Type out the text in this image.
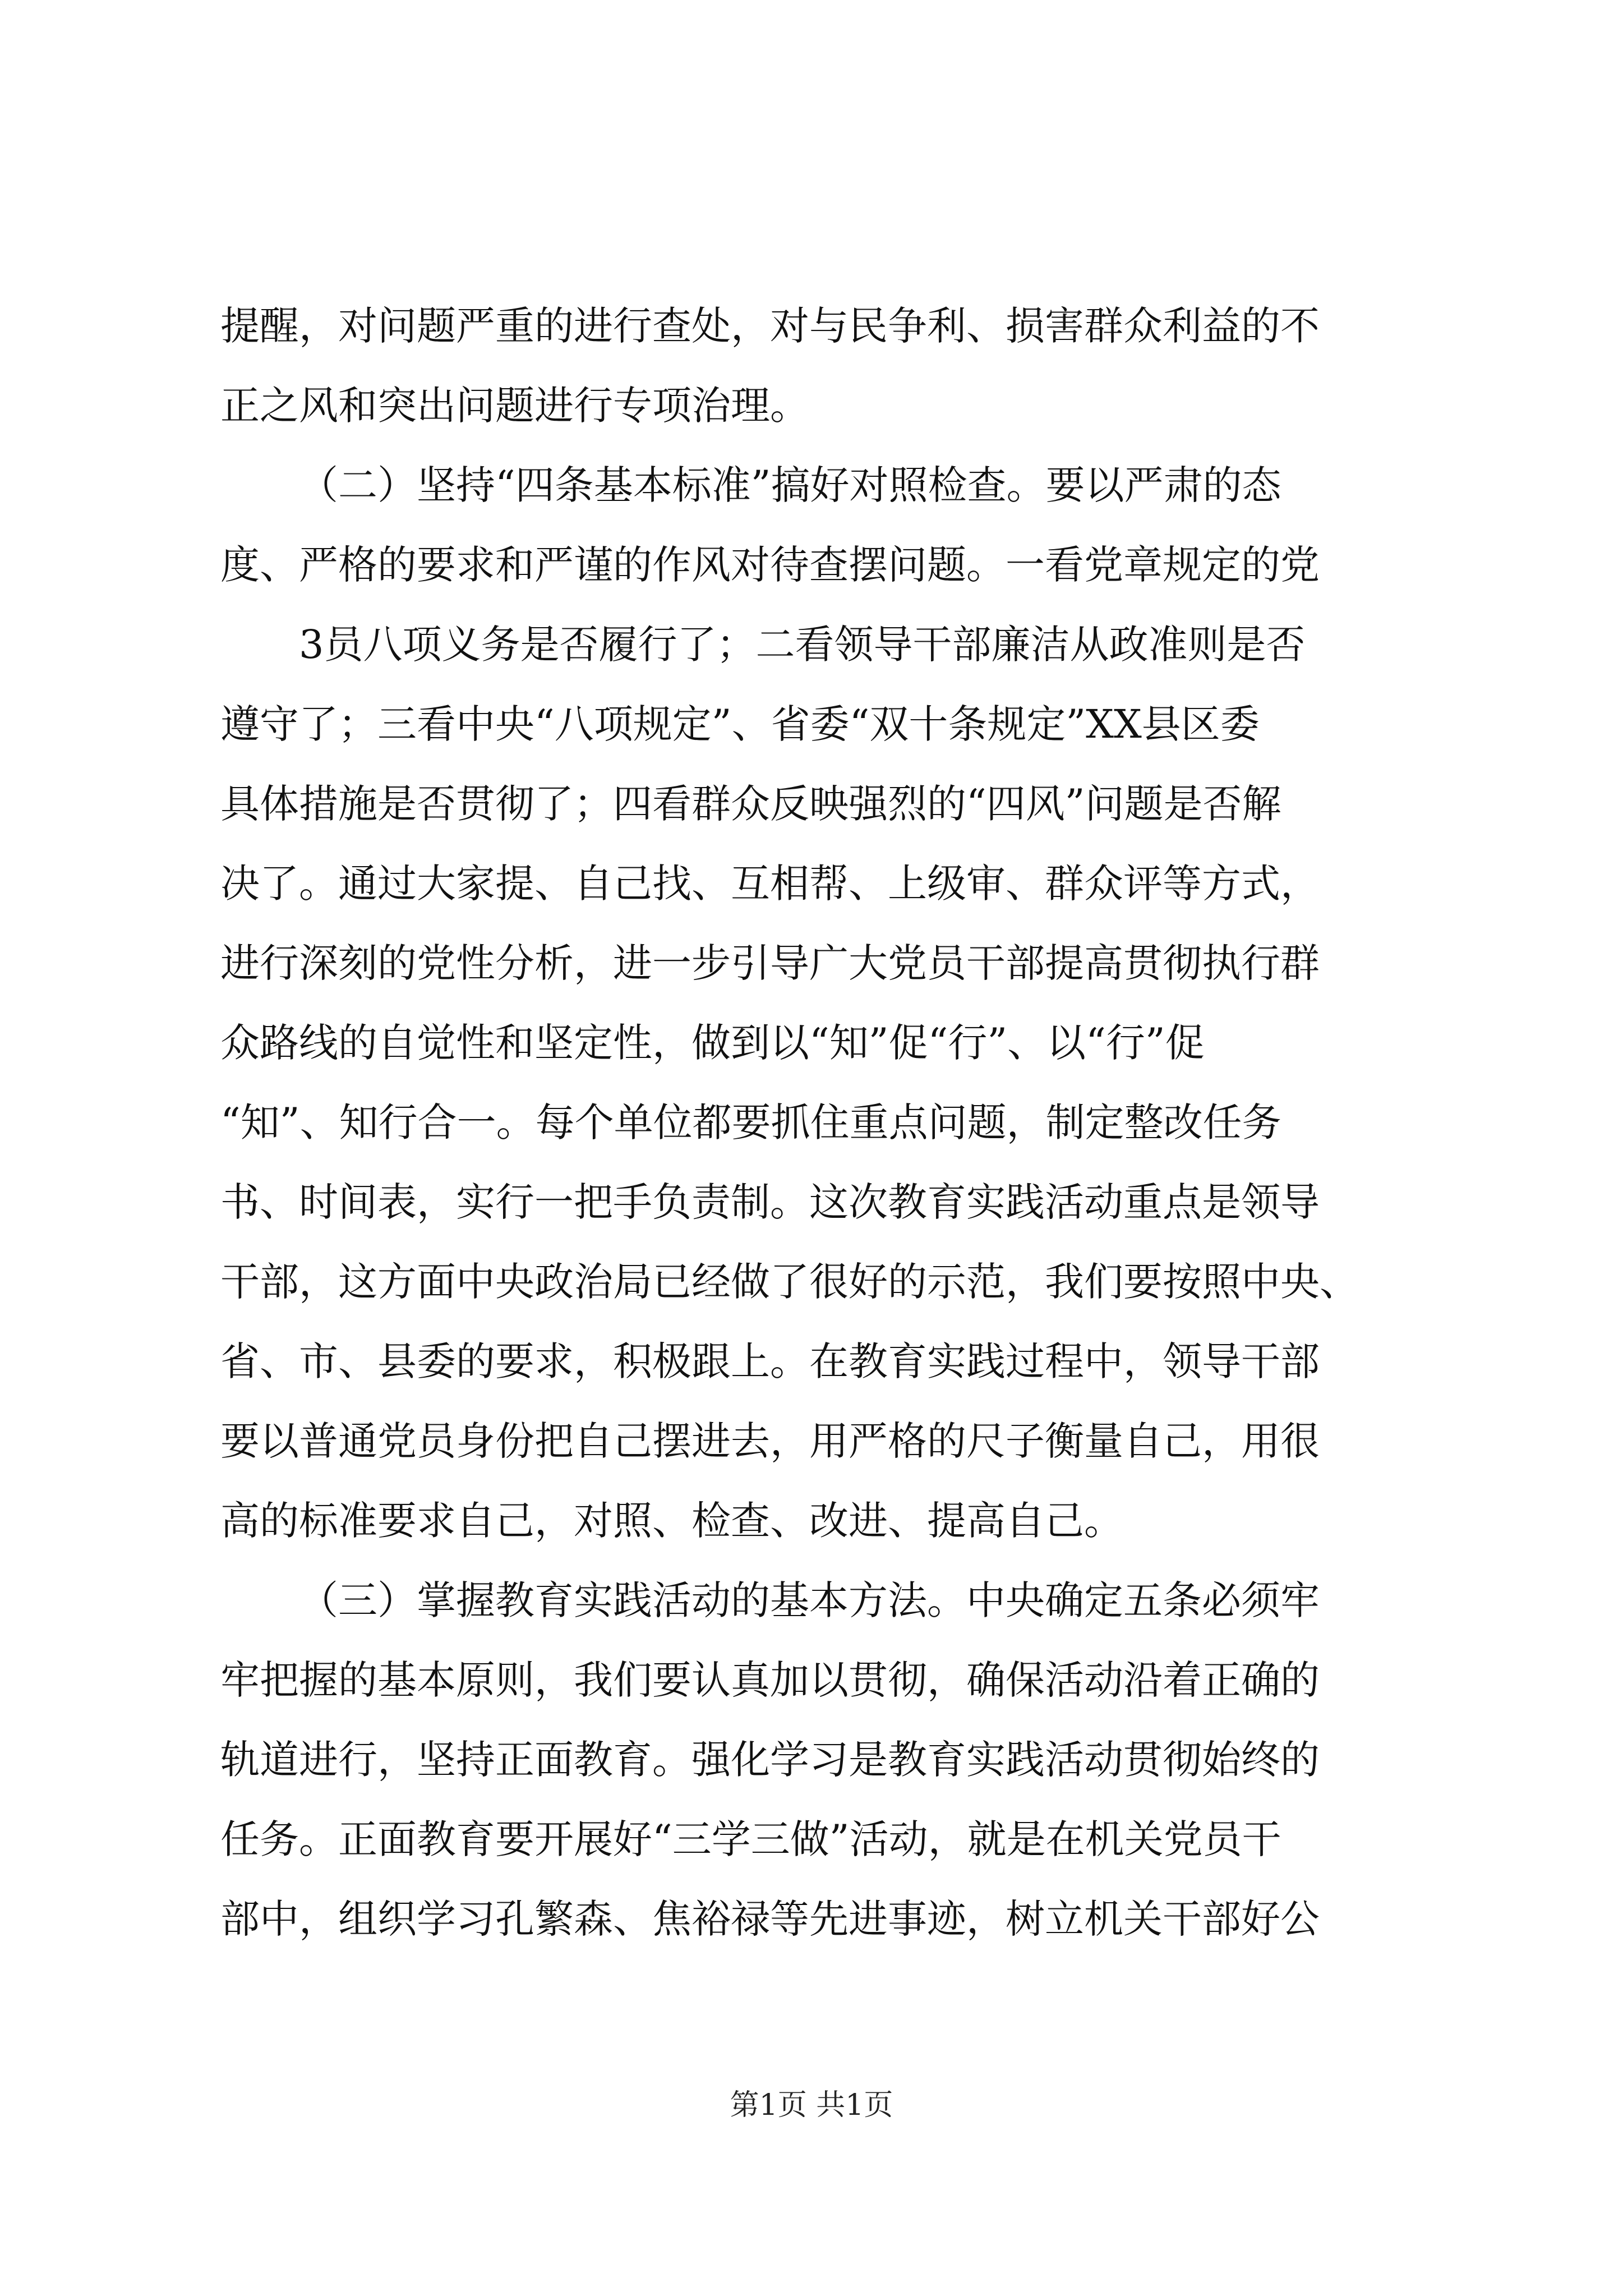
提醒，对问题严重的进行查处，对与民争利、损害群众利益的不
正之风和突出问题进行专项治理。
（二）坚持“四条基本标准”搞好对照检查。要以严肃的态
度、严格的要求和严谨的作风对待查摆问题。一看党章规定的党
3员八项义务是否履行了；二看领导干部廉洁从政准则是否
遵守了；三看中央“八项规定”、省委“双十条规定”XX县区委
具体措施是否贯彻了；四看群众反映强烈的“四风”问题是否解
决了。通过大家提、自己找、互相帮、上级审、群众评等方式，
进行深刻的党性分析，进一步引导广大党员干部提高贯彻执行群
众路线的自觉性和坚定性，做到以“知”促“行”、以“行”促
“知”、知行合一。每个单位都要抓住重点问题，制定整改任务
书、时间表，实行一把手负责制。这次教育实践活动重点是领导
干部，这方面中央政治局已经做了很好的示范，我们要按照中央、
省、市、县委的要求，积极跟上。在教育实践过程中，领导干部
要以普通党员身份把自己摆进去，用严格的尺子衡量自己，用很
高的标准要求自己，对照、检查、改进、提高自己。
（三）掌握教育实践活动的基本方法。中央确定五条必须牢
牢把握的基本原则，我们要认真加以贯彻，确保活动沿着正确的
轨道进行，坚持正面教育。强化学习是教育实践活动贯彻始终的
任务。正面教育要开展好“三学三做”活动，就是在机关党员干
部中，组织学习孔繁森、焦裕禄等先进事迹，树立机关干部好公
第1页 共1页
